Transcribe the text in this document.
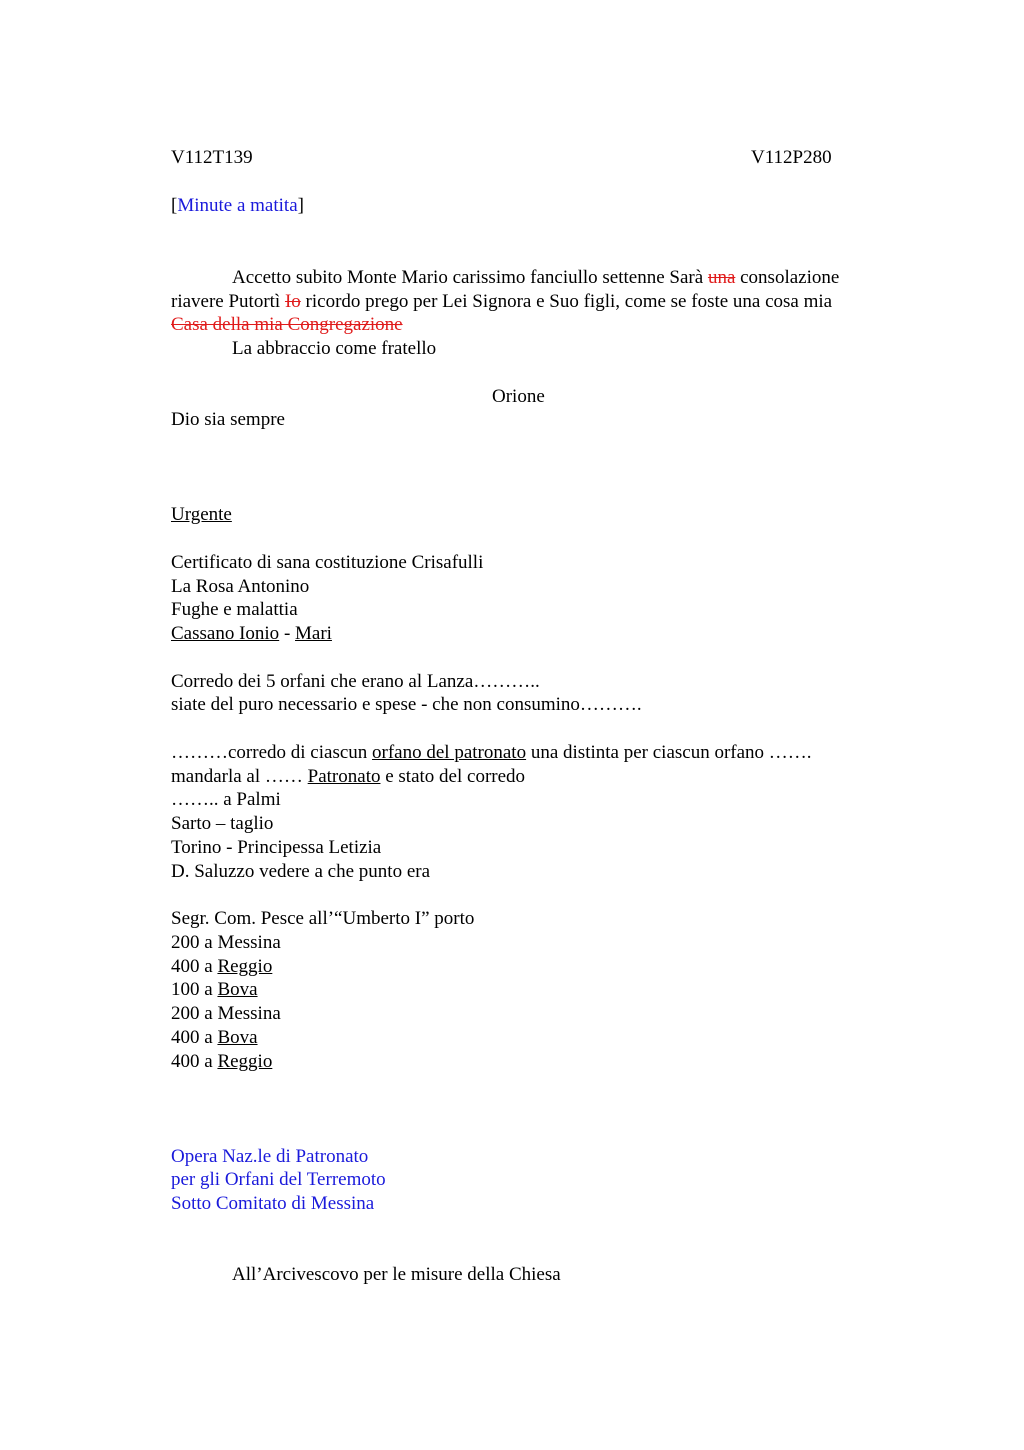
V112T139	V112P280
[Minute a matita]
Accetto subito Monte Mario carissimo fanciullo settenne Sarà una consolazione
riavere Putortì Io ricordo prego per Lei Signora e Suo figli, come se foste una cosa mia
Casa della mia Congregazione
La abbraccio come fratello
Orione
Dio sia sempre
Urgente
Certificato di sana costituzione Crisafulli
La Rosa Antonino
Fughe e malattia
Cassano Ionio - Mari
Corredo dei 5 orfani che erano al Lanza………..
siate del puro necessario e spese - che non consumino……….
………corredo di ciascun orfano del patronato una distinta per ciascun orfano …….
mandarla al …… Patronato e stato del corredo
…….. a Palmi
Sarto – taglio
Torino - Principessa Letizia
D. Saluzzo vedere a che punto era
Segr. Com. Pesce all’“Umberto I” porto
200 a Messina
400 a Reggio
100 a Bova
200 a Messina
400 a Bova
400 a Reggio
Opera Naz.le di Patronato
per gli Orfani del Terremoto
Sotto Comitato di Messina
All’Arcivescovo per le misure della Chiesa
